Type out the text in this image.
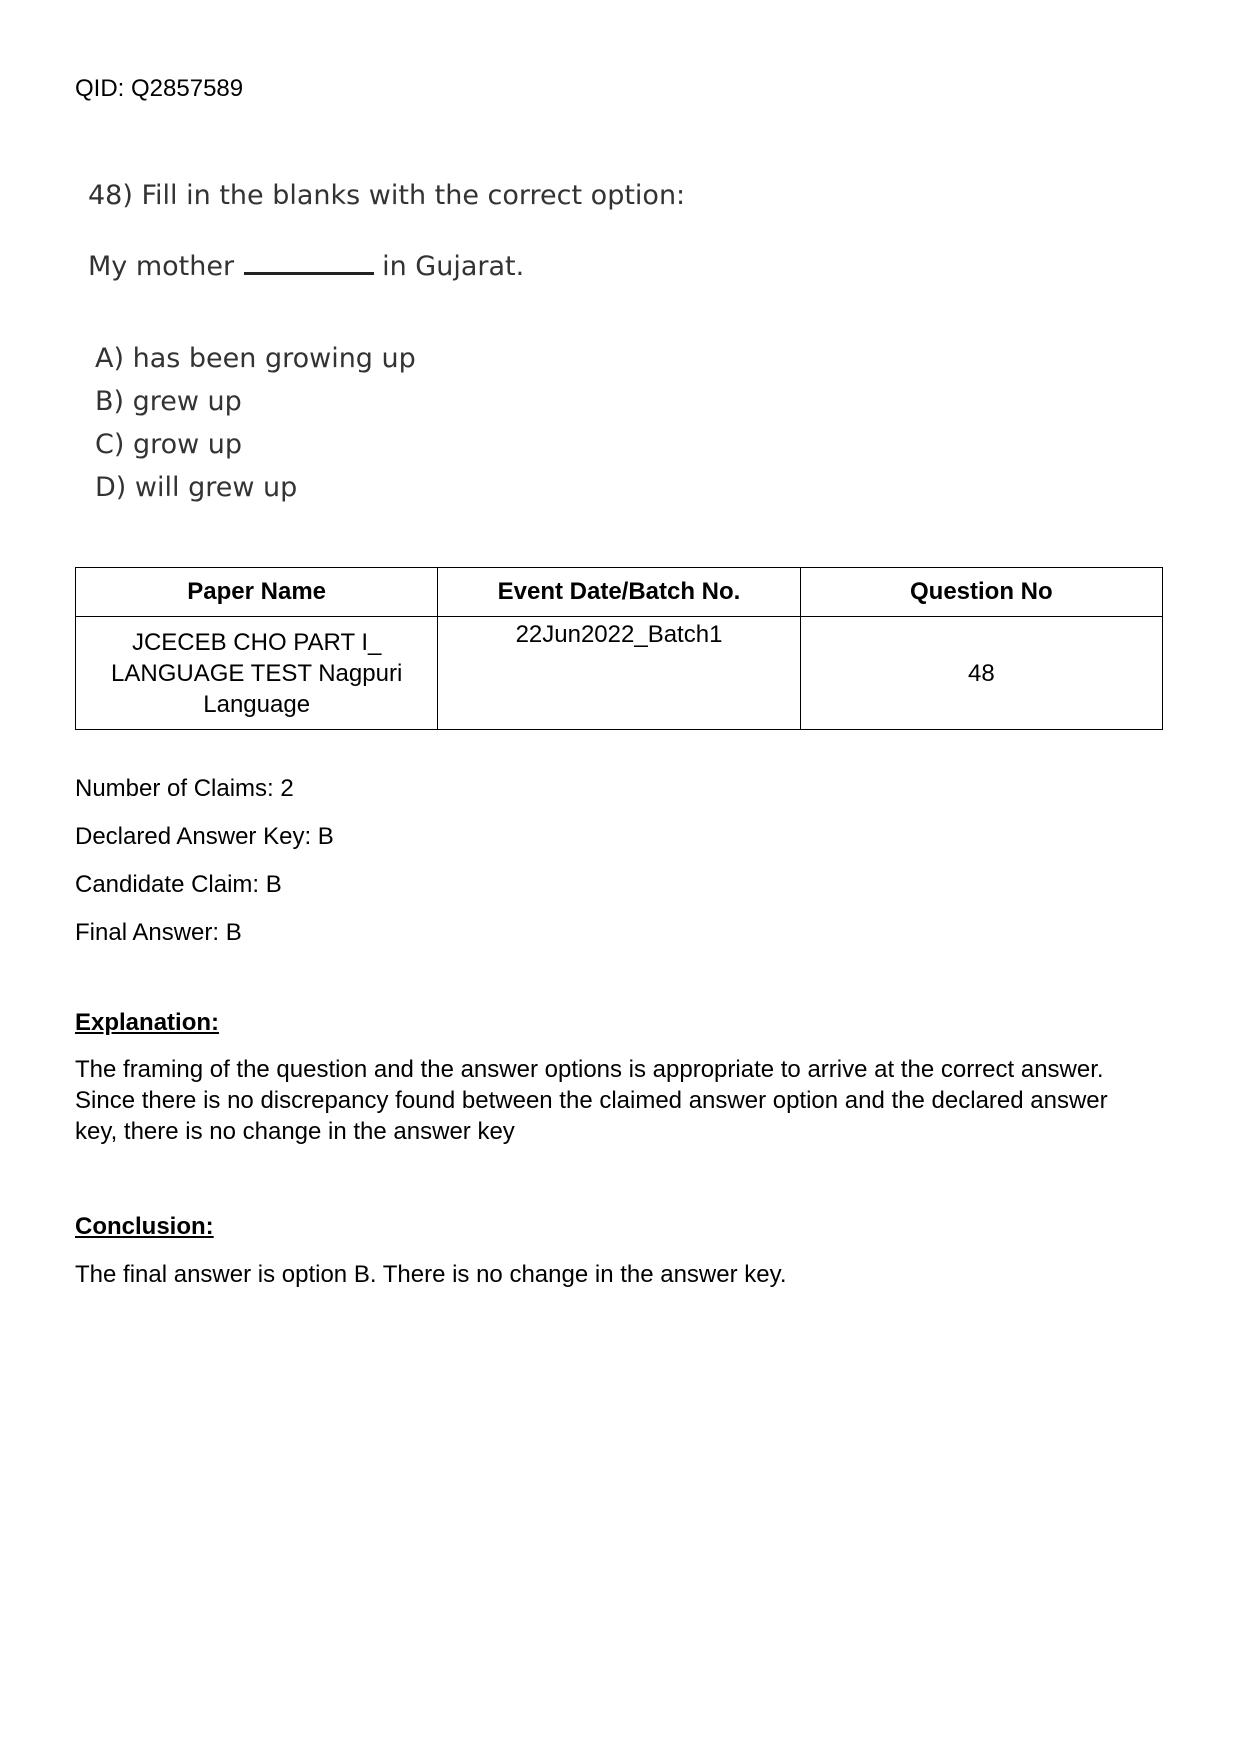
QID: Q2857589

48) Fill in the blanks with the correct option:

My mother	in Gujarat.

A) has been growing up
B) grew up
C) grow up
D) will grew up
Paper Name	Event Date/Batch No.	Question No

JCECEB CHO PART I_
LANGUAGE TEST Nagpuri
Language	22Jun2022_Batch1	48
Number of Claims: 2
Declared Answer Key: B
Candidate Claim: B
Final Answer: B
Explanation:
The framing of the question and the answer options is appropriate to arrive at the correct answer.
Since there is no discrepancy found between the claimed answer option and the declared answer
key, there is no change in the answer key
Conclusion:
The final answer is option B. There is no change in the answer key.
